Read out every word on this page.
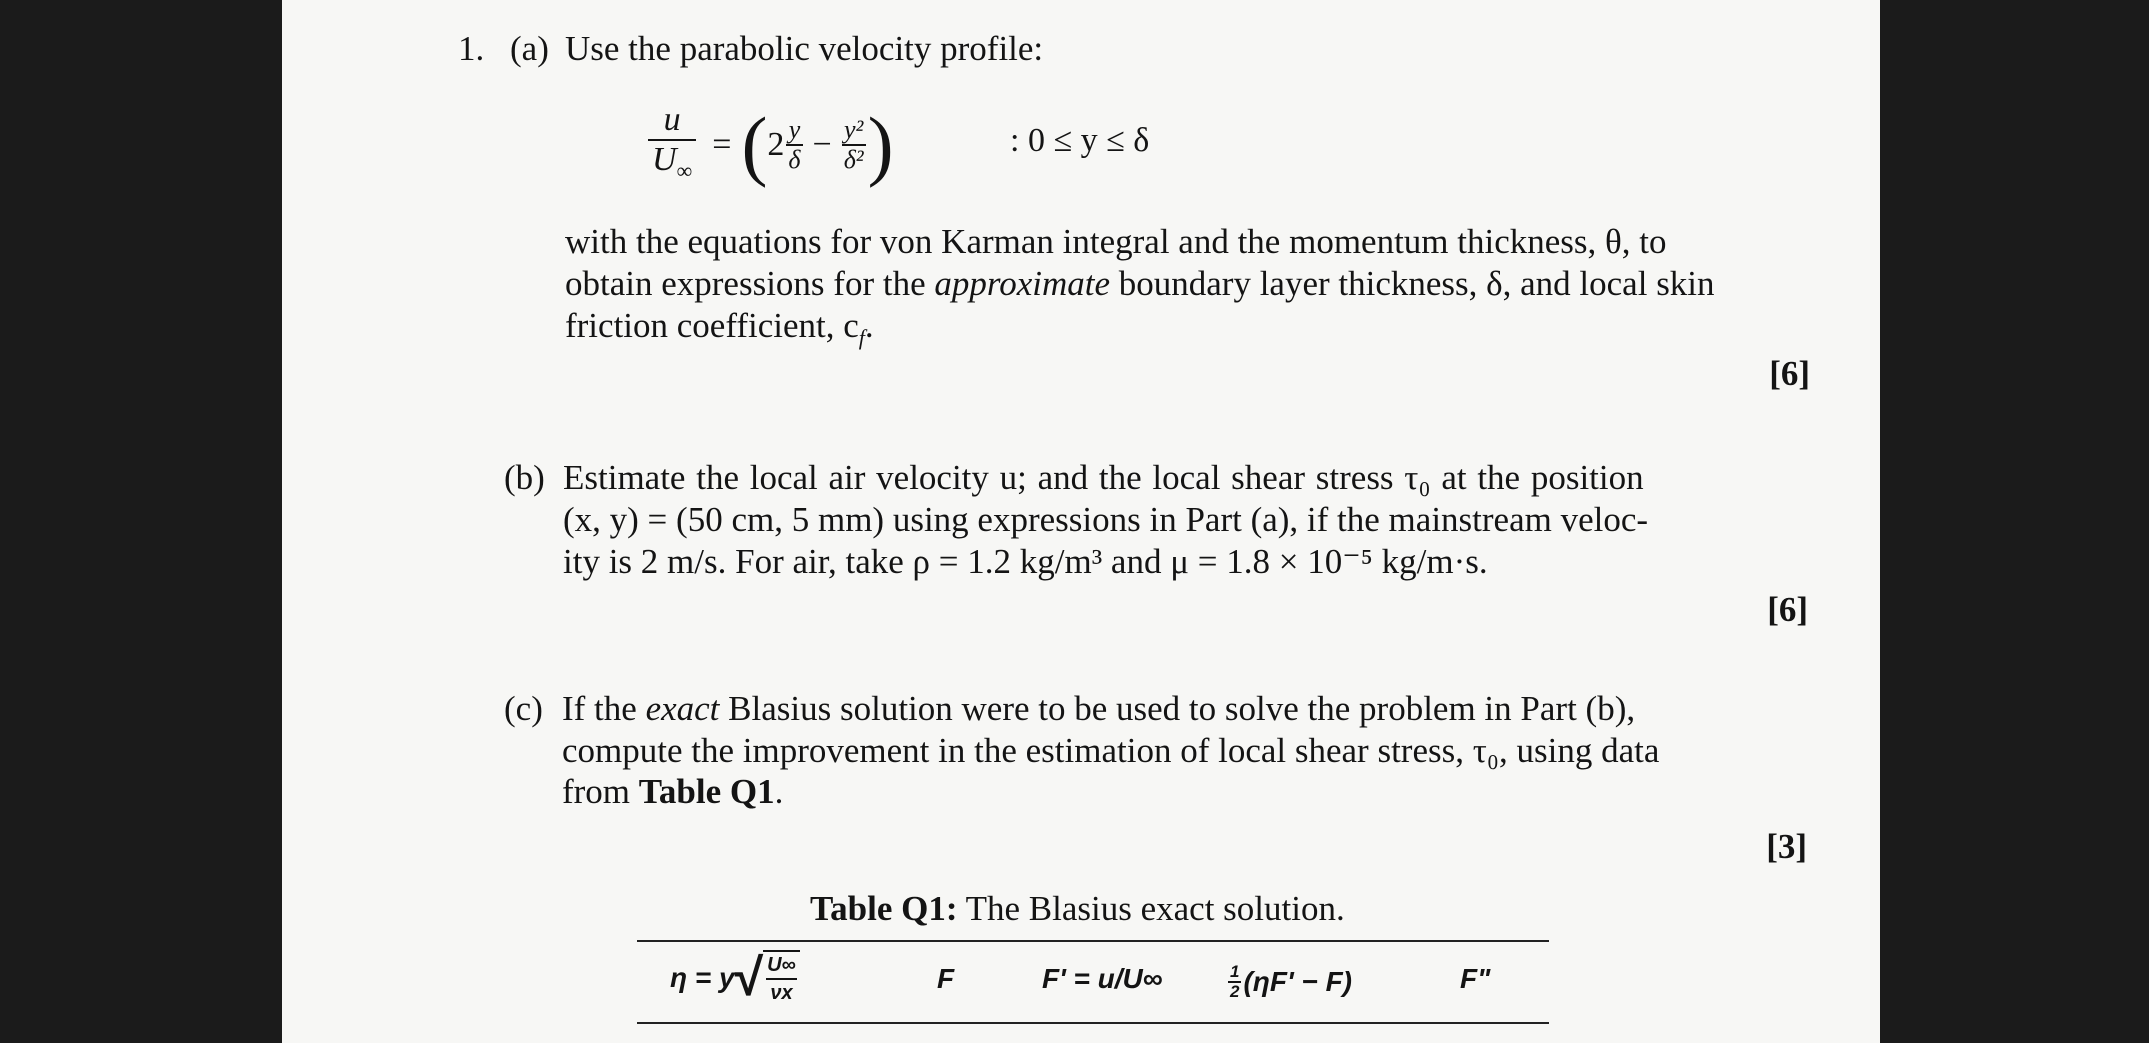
1. (a) Use the parabolic velocity profile:
$\frac{u}{U_\infty}$ = ( $2 \frac{y}{\delta} - \frac{\text{y²}}{\text{δ²}}$ )	: 0 ≤ y ≤ δ
with the equations for von Karman integral and the momentum thickness, θ, to
obtain expressions for the approximate boundary layer thickness, δ, and local skin
friction coefficient, $c_f$.
[6]
(b) Estimate the local air velocity u; and the local shear stress τ₀ at the position
(x, y) = (50 cm, 5 mm) using expressions in Part (a), if the mainstream veloc-
ity is 2 m/s. For air, take ρ = 1.2 kg/m³ and μ = 1.8 × 10⁻⁵ kg/m·s.
[6]
(c) If the exact Blasius solution were to be used to solve the problem in Part (b),
compute the improvement in the estimation of local shear stress, τ₀, using data
from Table Q1.
[3]
Table Q1: The Blasius exact solution.
η = y √ U∞
νx	F	F' = u/U∞	$\frac{1}{2} (\eta F' - F)$	F"
